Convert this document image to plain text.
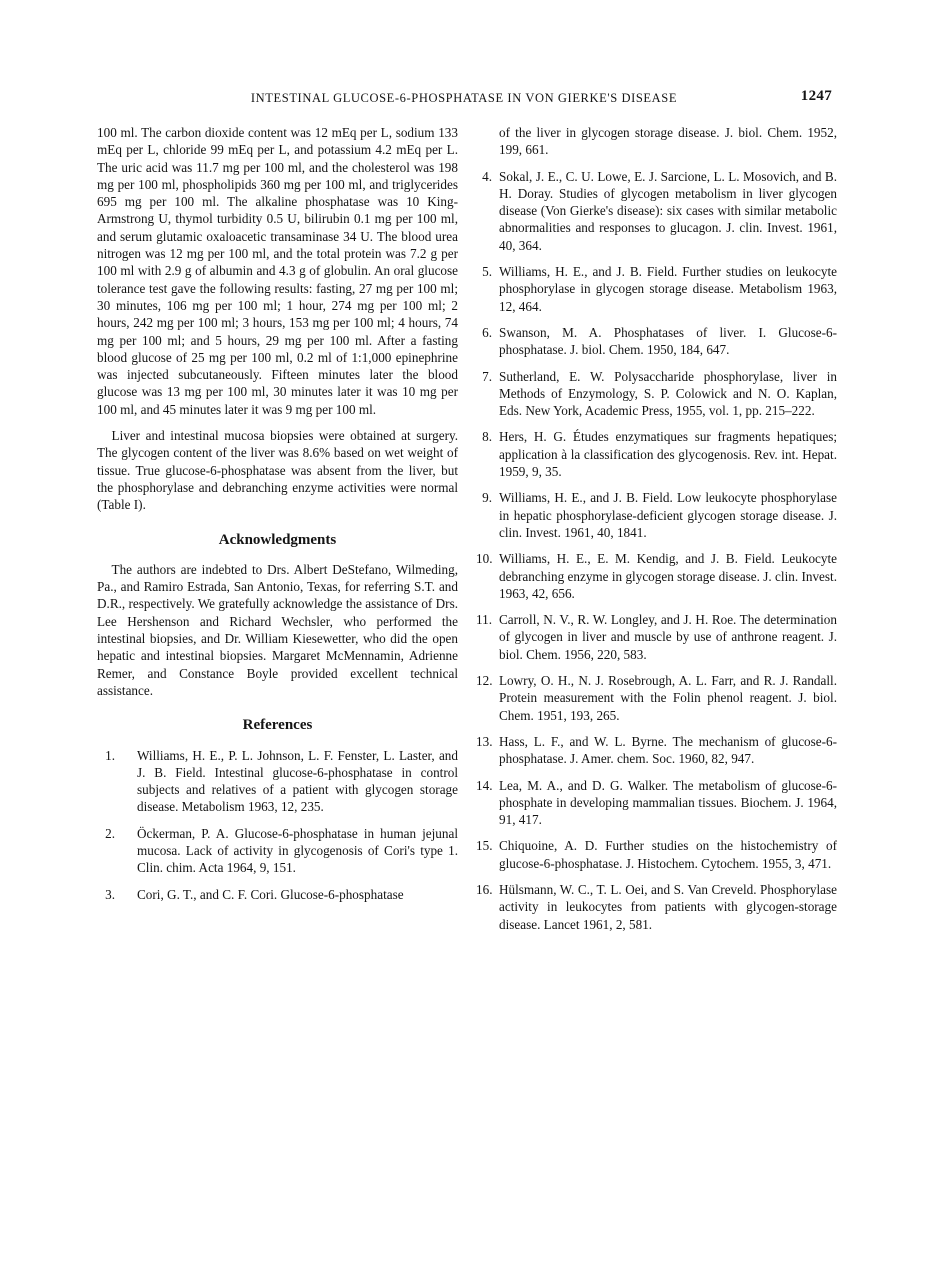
INTESTINAL GLUCOSE-6-PHOSPHATASE IN VON GIERKE'S DISEASE	1247

100 ml. The carbon dioxide content was 12 mEq per L, sodium 133 mEq per L, chloride 99 mEq per L, and potassium 4.2 mEq per L. The uric acid was 11.7 mg per 100 ml, and the cholesterol was 198 mg per 100 ml, phospholipids 360 mg per 100 ml, and triglycerides 695 mg per 100 ml. The alkaline phosphatase was 10 King-Armstrong U, thymol turbidity 0.5 U, bilirubin 0.1 mg per 100 ml, and serum glutamic oxaloacetic transaminase 34 U. The blood urea nitrogen was 12 mg per 100 ml, and the total protein was 7.2 g per 100 ml with 2.9 g of albumin and 4.3 g of globulin. An oral glucose tolerance test gave the following results: fasting, 27 mg per 100 ml; 30 minutes, 106 mg per 100 ml; 1 hour, 274 mg per 100 ml; 2 hours, 242 mg per 100 ml; 3 hours, 153 mg per 100 ml; 4 hours, 74 mg per 100 ml; and 5 hours, 29 mg per 100 ml. After a fasting blood glucose of 25 mg per 100 ml, 0.2 ml of 1:1,000 epinephrine was injected subcutaneously. Fifteen minutes later the blood glucose was 13 mg per 100 ml, 30 minutes later it was 10 mg per 100 ml, and 45 minutes later it was 9 mg per 100 ml.

Liver and intestinal mucosa biopsies were obtained at surgery. The glycogen content of the liver was 8.6% based on wet weight of tissue. True glucose-6-phosphatase was absent from the liver, but the phosphorylase and debranching enzyme activities were normal (Table I).

Acknowledgments

The authors are indebted to Drs. Albert DeStefano, Wilmeding, Pa., and Ramiro Estrada, San Antonio, Texas, for referring S.T. and D.R., respectively. We gratefully acknowledge the assistance of Drs. Lee Hershenson and Richard Wechsler, who performed the intestinal biopsies, and Dr. William Kiesewetter, who did the open hepatic and intestinal biopsies. Margaret McMennamin, Adrienne Remer, and Constance Boyle provided excellent technical assistance.

References
1. Williams, H. E., P. L. Johnson, L. F. Fenster, L. Laster, and J. B. Field. Intestinal glucose-6-phosphatase in control subjects and relatives of a patient with glycogen storage disease. Metabolism 1963, 12, 235.
2. Öckerman, P. A. Glucose-6-phosphatase in human jejunal mucosa. Lack of activity in glycogenosis of Cori's type 1. Clin. chim. Acta 1964, 9, 151.
3. Cori, G. T., and C. F. Cori. Glucose-6-phosphatase
of the liver in glycogen storage disease. J. biol. Chem. 1952, 199, 661.
4. Sokal, J. E., C. U. Lowe, E. J. Sarcione, L. L. Mosovich, and B. H. Doray. Studies of glycogen metabolism in liver glycogen disease (Von Gierke's disease): six cases with similar metabolic abnormalities and responses to glucagon. J. clin. Invest. 1961, 40, 364.
5. Williams, H. E., and J. B. Field. Further studies on leukocyte phosphorylase in glycogen storage disease. Metabolism 1963, 12, 464.
6. Swanson, M. A. Phosphatases of liver. I. Glucose-6-phosphatase. J. biol. Chem. 1950, 184, 647.
7. Sutherland, E. W. Polysaccharide phosphorylase, liver in Methods of Enzymology, S. P. Colowick and N. O. Kaplan, Eds. New York, Academic Press, 1955, vol. 1, pp. 215–222.
8. Hers, H. G. Études enzymatiques sur fragments hepatiques; application à la classification des glycogenosis. Rev. int. Hepat. 1959, 9, 35.
9. Williams, H. E., and J. B. Field. Low leukocyte phosphorylase in hepatic phosphorylase-deficient glycogen storage disease. J. clin. Invest. 1961, 40, 1841.
10. Williams, H. E., E. M. Kendig, and J. B. Field. Leukocyte debranching enzyme in glycogen storage disease. J. clin. Invest. 1963, 42, 656.
11. Carroll, N. V., R. W. Longley, and J. H. Roe. The determination of glycogen in liver and muscle by use of anthrone reagent. J. biol. Chem. 1956, 220, 583.
12. Lowry, O. H., N. J. Rosebrough, A. L. Farr, and R. J. Randall. Protein measurement with the Folin phenol reagent. J. biol. Chem. 1951, 193, 265.
13. Hass, L. F., and W. L. Byrne. The mechanism of glucose-6-phosphatase. J. Amer. chem. Soc. 1960, 82, 947.
14. Lea, M. A., and D. G. Walker. The metabolism of glucose-6-phosphate in developing mammalian tissues. Biochem. J. 1964, 91, 417.
15. Chiquoine, A. D. Further studies on the histochemistry of glucose-6-phosphatase. J. Histochem. Cytochem. 1955, 3, 471.
16. Hülsmann, W. C., T. L. Oei, and S. Van Creveld. Phosphorylase activity in leukocytes from patients with glycogen-storage disease. Lancet 1961, 2, 581.
